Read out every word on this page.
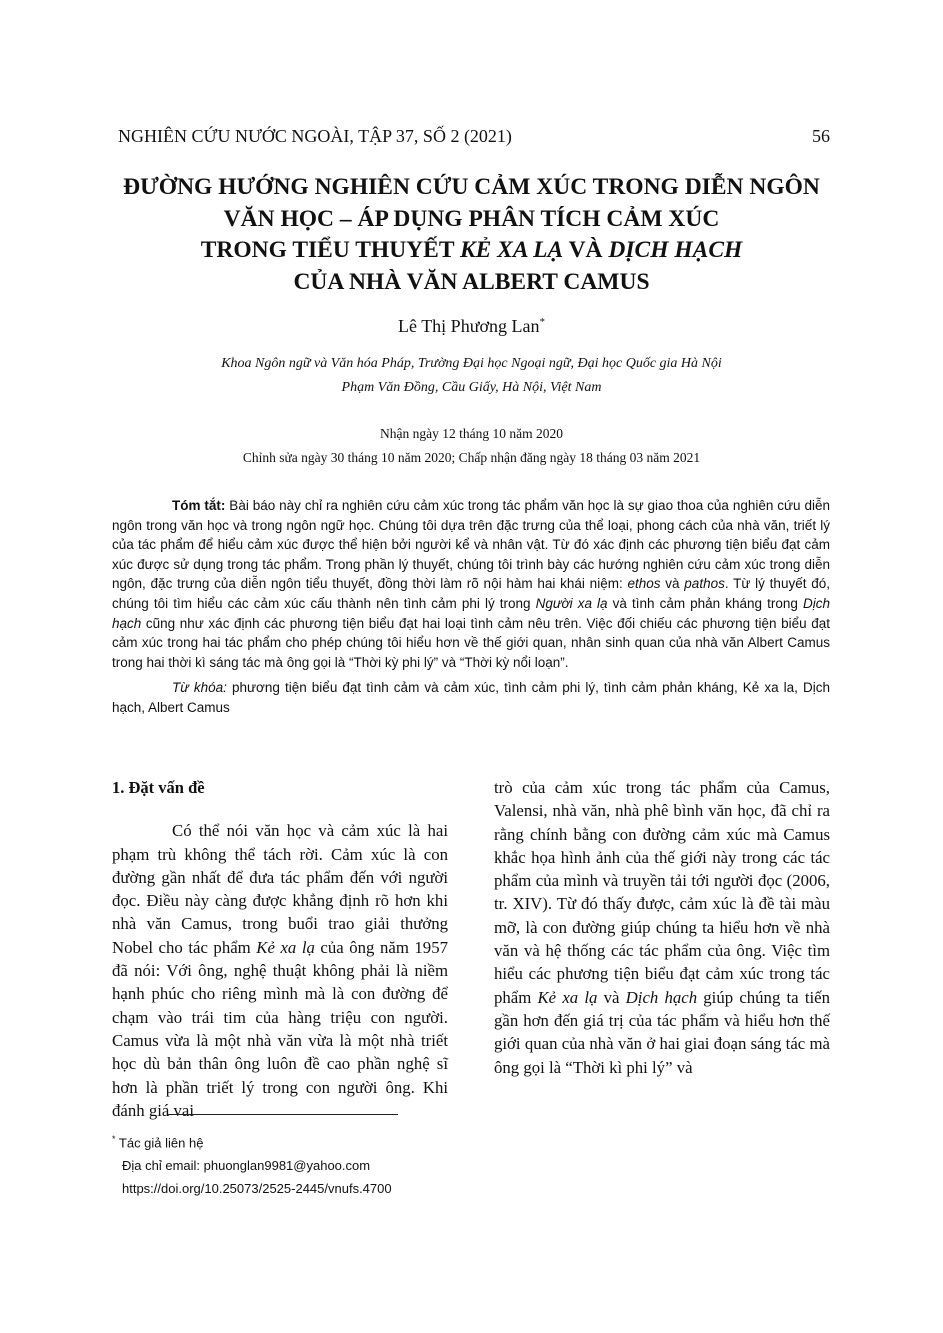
NGHIÊN CỨU NƯỚC NGOÀI, TẬP 37, SỐ 2 (2021)	56
ĐƯỜNG HƯỚNG NGHIÊN CỨU CẢM XÚC TRONG DIỄN NGÔN
VĂN HỌC – ÁP DỤNG PHÂN TÍCH CẢM XÚC
TRONG TIỂU THUYẾT KẺ XA LẠ VÀ DỊCH HẠCH
CỦA NHÀ VĂN ALBERT CAMUS
Lê Thị Phương Lan*
Khoa Ngôn ngữ và Văn hóa Pháp, Trường Đại học Ngoại ngữ, Đại học Quốc gia Hà Nội
Phạm Văn Đồng, Cầu Giấy, Hà Nội, Việt Nam
Nhận ngày 12 tháng 10 năm 2020
Chỉnh sửa ngày 30 tháng 10 năm 2020; Chấp nhận đăng ngày 18 tháng 03 năm 2021

Tóm tắt: Bài báo này chỉ ra nghiên cứu cảm xúc trong tác phẩm văn học là sự giao thoa của nghiên cứu diễn ngôn trong văn học và trong ngôn ngữ học. Chúng tôi dựa trên đặc trưng của thể loại, phong cách của nhà văn, triết lý của tác phẩm để hiểu cảm xúc được thể hiện bởi người kể và nhân vật. Từ đó xác định các phương tiện biểu đạt cảm xúc được sử dụng trong tác phẩm. Trong phần lý thuyết, chúng tôi trình bày các hướng nghiên cứu cảm xúc trong diễn ngôn, đặc trưng của diễn ngôn tiểu thuyết, đồng thời làm rõ nội hàm hai khái niệm: ethos và pathos. Từ lý thuyết đó, chúng tôi tìm hiểu các cảm xúc cấu thành nên tình cảm phi lý trong Người xa lạ và tình cảm phản kháng trong Dịch hạch cũng như xác định các phương tiện biểu đạt hai loại tình cảm nêu trên. Việc đối chiếu các phương tiện biểu đạt cảm xúc trong hai tác phẩm cho phép chúng tôi hiểu hơn về thế giới quan, nhân sinh quan của nhà văn Albert Camus trong hai thời kì sáng tác mà ông gọi là “Thời kỳ phi lý” và “Thời kỳ nổi loạn”.

Từ khóa: phương tiện biểu đạt tình cảm và cảm xúc, tình cảm phi lý, tình cảm phản kháng, Kẻ xa la, Dịch hạch, Albert Camus

1. Đặt vấn đề

Có thể nói văn học và cảm xúc là hai phạm trù không thể tách rời. Cảm xúc là con đường gần nhất để đưa tác phẩm đến với người đọc. Điều này càng được khẳng định rõ hơn khi nhà văn Camus, trong buổi trao giải thưởng Nobel cho tác phẩm Kẻ xa lạ của ông năm 1957 đã nói: Với ông, nghệ thuật không phải là niềm hạnh phúc cho riêng mình mà là con đường để chạm vào trái tim của hàng triệu con người. Camus vừa là một nhà văn vừa là một nhà triết học dù bản thân ông luôn đề cao phần nghệ sĩ hơn là phần triết lý trong con người ông. Khi đánh giá vai

trò của cảm xúc trong tác phẩm của Camus, Valensi, nhà văn, nhà phê bình văn học, đã chỉ ra rằng chính bằng con đường cảm xúc mà Camus khắc họa hình ảnh của thế giới này trong các tác phẩm của mình và truyền tải tới người đọc (2006, tr. XIV). Từ đó thấy được, cảm xúc là đề tài màu mỡ, là con đường giúp chúng ta hiểu hơn về nhà văn và hệ thống các tác phẩm của ông. Việc tìm hiểu các phương tiện biểu đạt cảm xúc trong tác phẩm Kẻ xa lạ và Dịch hạch giúp chúng ta tiến gần hơn đến giá trị của tác phẩm và hiểu hơn thế giới quan của nhà văn ở hai giai đoạn sáng tác mà ông gọi là “Thời kì phi lý” và

* Tác giả liên hệ
Địa chỉ email: phuonglan9981@yahoo.com
https://doi.org/10.25073/2525-2445/vnufs.4700
